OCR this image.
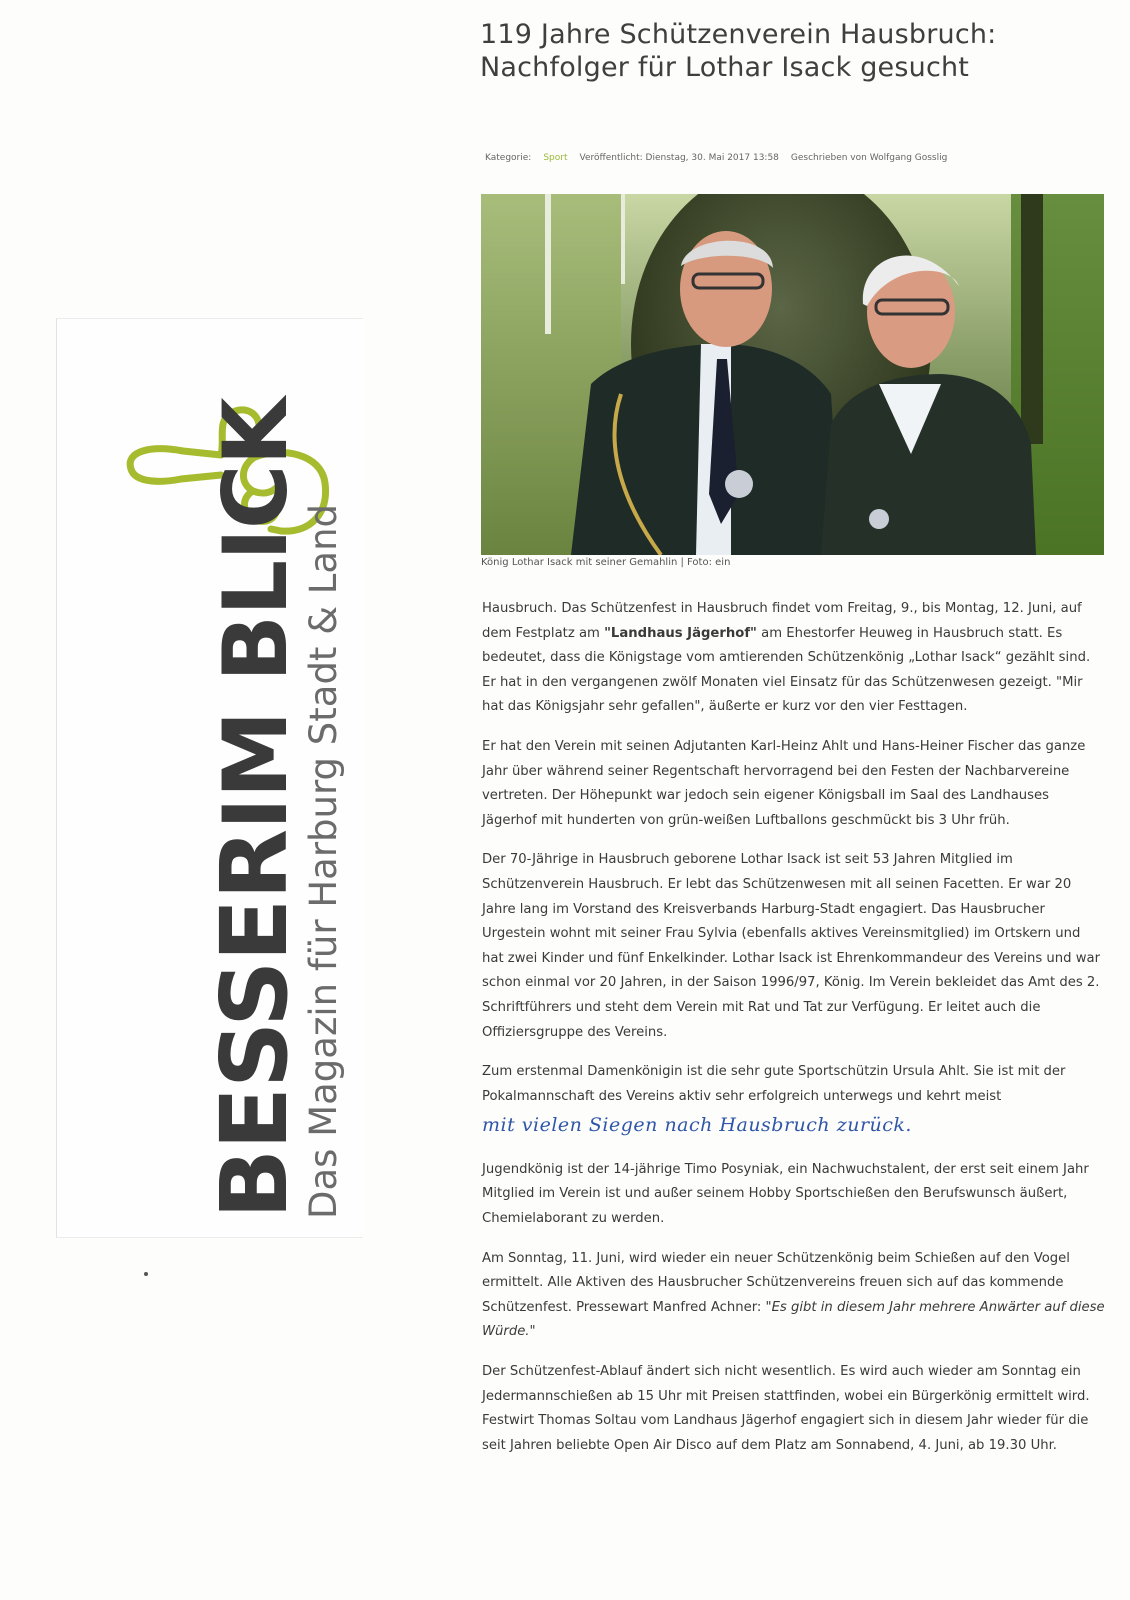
BESSERIM BLICK
Das Magazin für Harburg Stadt & Land
119 Jahre Schützenverein Hausbruch:
Nachfolger für Lothar Isack gesucht
Kategorie: Sport Veröffentlicht: Dienstag, 30. Mai 2017 13:58 Geschrieben von Wolfgang Gosslig
König Lothar Isack mit seiner Gemahlin | Foto: ein

Hausbruch. Das Schützenfest in Hausbruch findet vom Freitag, 9., bis Montag, 12. Juni, auf dem Festplatz am "Landhaus Jägerhof" am Ehestorfer Heuweg in Hausbruch statt. Es bedeutet, dass die Königstage vom amtierenden Schützenkönig „Lothar Isack“ gezählt sind. Er hat in den vergangenen zwölf Monaten viel Einsatz für das Schützenwesen gezeigt. "Mir hat das Königsjahr sehr gefallen", äußerte er kurz vor den vier Festtagen.

Er hat den Verein mit seinen Adjutanten Karl-Heinz Ahlt und Hans-Heiner Fischer das ganze Jahr über während seiner Regentschaft hervorragend bei den Festen der Nachbarvereine vertreten. Der Höhepunkt war jedoch sein eigener Königsball im Saal des Landhauses Jägerhof mit hunderten von grün-weißen Luftballons geschmückt bis 3 Uhr früh.

Der 70-Jährige in Hausbruch geborene Lothar Isack ist seit 53 Jahren Mitglied im Schützenverein Hausbruch. Er lebt das Schützenwesen mit all seinen Facetten. Er war 20 Jahre lang im Vorstand des Kreisverbands Harburg-Stadt engagiert. Das Hausbrucher Urgestein wohnt mit seiner Frau Sylvia (ebenfalls aktives Vereinsmitglied) im Ortskern und hat zwei Kinder und fünf Enkelkinder. Lothar Isack ist Ehrenkommandeur des Vereins und war schon einmal vor 20 Jahren, in der Saison 1996/97, König. Im Verein bekleidet das Amt des 2. Schriftführers und steht dem Verein mit Rat und Tat zur Verfügung. Er leitet auch die Offiziersgruppe des Vereins.

Zum erstenmal Damenkönigin ist die sehr gute Sportschützin Ursula Ahlt. Sie ist mit der Pokalmannschaft des Vereins aktiv sehr erfolgreich unterwegs und kehrt meist

mit vielen Siegen nach Hausbruch zurück.

Jugendkönig ist der 14-jährige Timo Posyniak, ein Nachwuchstalent, der erst seit einem Jahr Mitglied im Verein ist und außer seinem Hobby Sportschießen den Berufswunsch äußert, Chemielaborant zu werden.

Am Sonntag, 11. Juni, wird wieder ein neuer Schützenkönig beim Schießen auf den Vogel ermittelt. Alle Aktiven des Hausbrucher Schützenvereins freuen sich auf das kommende Schützenfest. Pressewart Manfred Achner: "Es gibt in diesem Jahr mehrere Anwärter auf diese Würde."

Der Schützenfest-Ablauf ändert sich nicht wesentlich. Es wird auch wieder am Sonntag ein Jedermannschießen ab 15 Uhr mit Preisen stattfinden, wobei ein Bürgerkönig ermittelt wird. Festwirt Thomas Soltau vom Landhaus Jägerhof engagiert sich in diesem Jahr wieder für die seit Jahren beliebte Open Air Disco auf dem Platz am Sonnabend, 4. Juni, ab 19.30 Uhr.
